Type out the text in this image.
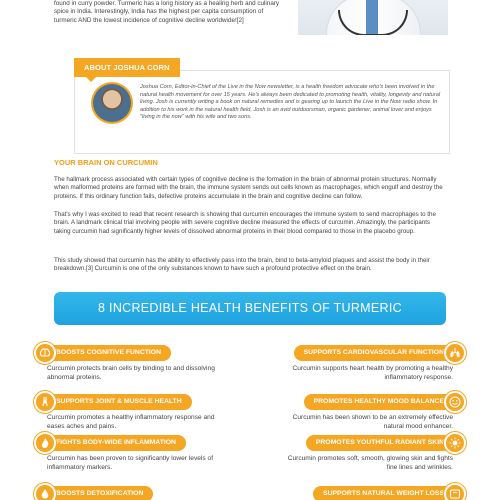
found in curry powder. Turmeric has a long history as a healing herb and culinary
spice in India. Interestingly, India has the highest per capita consumption of
turmeric AND the lowest incidence of cognitive decline worldwide![2]
ABOUT JOSHUA CORN
Joshua Corn, Editor-in-Chief of the Live in the Now newsletter, is a health freedom advocate who's been involved in the natural health movement for over 15 years. He's always been dedicated to promoting health, vitality, longevity and natural living. Josh is currently writing a book on natural remedies and is gearing up to launch the Live in the Now radio show. In addition to his work in the natural health field, Josh is an avid outdoorsman, organic gardener, animal lover and enjoys "living in the now" with his wife and two sons.
YOUR BRAIN ON CURCUMIN
The hallmark process associated with certain types of cognitive decline is the formation in the brain of abnormal protein structures. Normally when malformed proteins are formed with the brain, the immune system sends out cells known as macrophages, which engulf and destroy the proteins. If this ordinary function fails, defective proteins accumulate in the brain and cognitive decline can follow.
That's why I was excited to read that recent research is showing that curcumin encourages the immune system to send macrophages to the brain. A landmark clinical trial involving people with severe cognitive decline measured the effects of curcumin. Amazingly, the participants taking curcumin had significantly higher levels of dissolved abnormal proteins in their blood compared to those in the placebo group.
This study showed that curcumin has the ability to effectively pass into the brain, bind to beta-amyloid plaques and assist the body in their breakdown.[3] Curcumin is one of the only substances known to have such a profound protective effect on the brain.
8 INCREDIBLE HEALTH BENEFITS OF TURMERIC
BOOSTS COGNITIVE FUNCTION
Curcumin protects brain cells by binding to and dissolving abnormal proteins.
SUPPORTS JOINT & MUSCLE HEALTH
Curcumin promotes a healthy inflammatory response and eases aches and pains.
FIGHTS BODY-WIDE INFLAMMATION
Curcumin has been proven to significantly lower levels of inflammatory markers.
BOOSTS DETOXIFICATION
SUPPORTS CARDIOVASCULAR FUNCTION
Curcumin supports heart health by promoting a healthy inflammatory response.
PROMOTES HEALTHY MOOD BALANCE
Curcumin has been shown to be an extremely effective natural mood enhancer.
PROMOTES YOUTHFUL RADIANT SKIN
Curcumin promotes soft, smooth, glowing skin and fights fine lines and wrinkles.
SUPPORTS NATURAL WEIGHT LOSS
